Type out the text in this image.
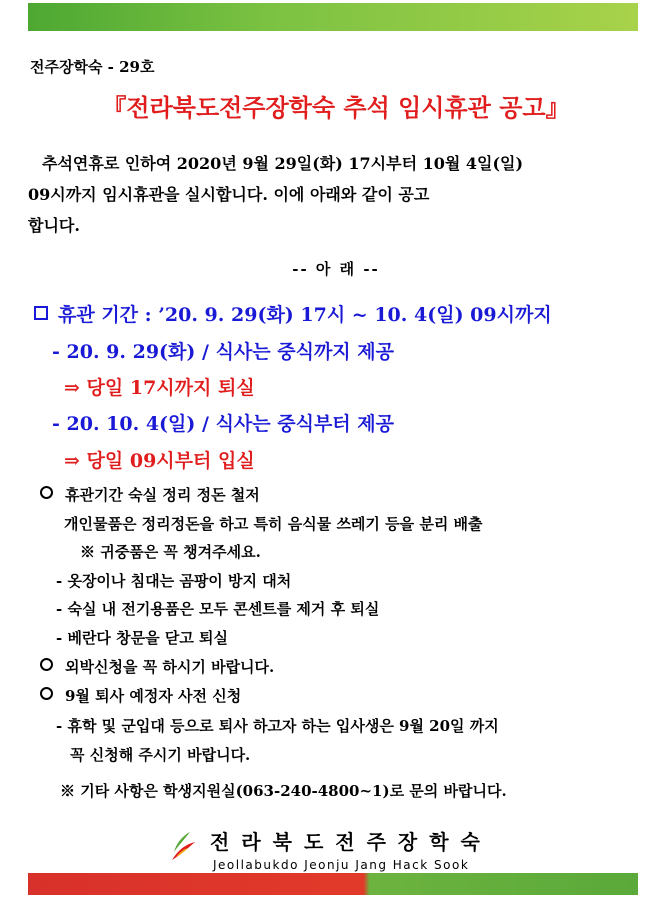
전주장학숙 - 29호
『전라북도전주장학숙 추석 임시휴관 공고』
추석연휴로 인하여 2020년 9월 29일(화) 17시부터 10월 4일(일)
09시까지 임시휴관을 실시합니다. 이에 아래와 같이 공고
합니다.
-- 아 래 --
휴관 기간 : ’20. 9. 29(화) 17시 ~ 10. 4(일) 09시까지
- 20. 9. 29(화) / 식사는 중식까지 제공
⇒ 당일 17시까지 퇴실
- 20. 10. 4(일) / 식사는 중식부터 제공
⇒ 당일 09시부터 입실
휴관기간 숙실 정리 정돈 철저
개인물품은 정리정돈을 하고 특히 음식물 쓰레기 등을 분리 배출
※ 귀중품은 꼭 챙겨주세요.
- 옷장이나 침대는 곰팡이 방지 대처
- 숙실 내 전기용품은 모두 콘센트를 제거 후 퇴실
- 베란다 창문을 닫고 퇴실
외박신청을 꼭 하시기 바랍니다.
9월 퇴사 예정자 사전 신청
- 휴학 및 군입대 등으로 퇴사 하고자 하는 입사생은 9월 20일 까지
꼭 신청해 주시기 바랍니다.
※ 기타 사항은 학생지원실(063-240-4800~1)로 문의 바랍니다.
전라북도전주장학숙
Jeollabukdo Jeonju Jang Hack Sook
